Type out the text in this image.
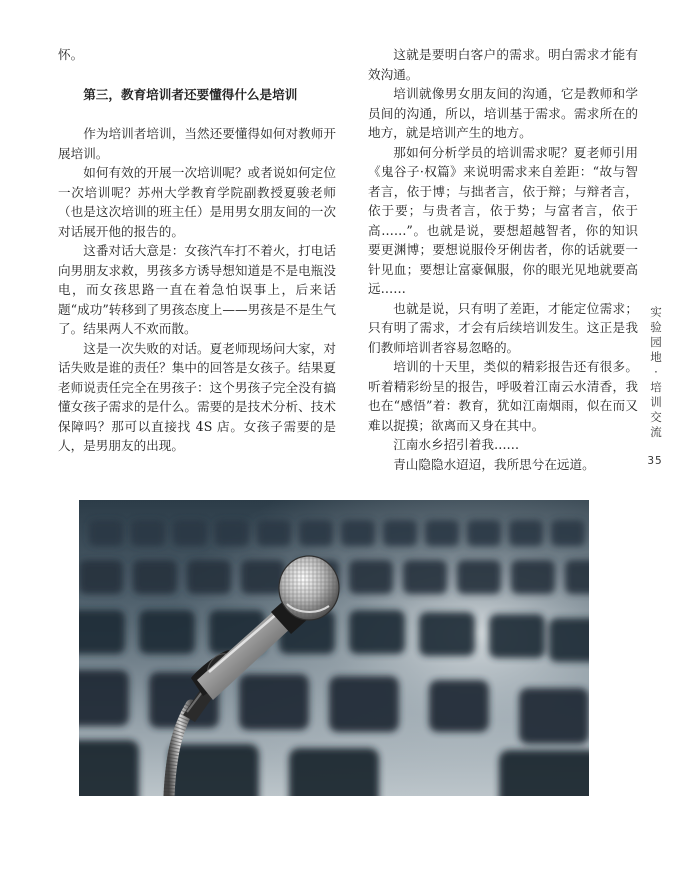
怀。

第三，教育培训者还要懂得什么是培训

作为培训者培训，当然还要懂得如何对教师开展培训。

如何有效的开展一次培训呢？或者说如何定位一次培训呢？苏州大学教育学院副教授夏骏老师（也是这次培训的班主任）是用男女朋友间的一次对话展开他的报告的。

这番对话大意是：女孩汽车打不着火，打电话向男朋友求救，男孩多方诱导想知道是不是电瓶没电，而女孩思路一直在着急怕误事上，后来话题“成功”转移到了男孩态度上——男孩是不是生气了。结果两人不欢而散。

这是一次失败的对话。夏老师现场问大家，对话失败是谁的责任？集中的回答是女孩子。结果夏老师说责任完全在男孩子：这个男孩子完全没有搞懂女孩子需求的是什么。需要的是技术分析、技术保障吗？那可以直接找 4S 店。女孩子需要的是人，是男朋友的出现。

这就是要明白客户的需求。明白需求才能有效沟通。

培训就像男女朋友间的沟通，它是教师和学员间的沟通，所以，培训基于需求。需求所在的地方，就是培训产生的地方。

那如何分析学员的培训需求呢？夏老师引用《鬼谷子·权篇》来说明需求来自差距：“故与智者言，依于博；与拙者言，依于辩；与辩者言，依于要；与贵者言，依于势；与富者言，依于高……”。也就是说，要想超越智者，你的知识要更渊博；要想说服伶牙俐齿者，你的话就要一针见血；要想让富豪佩服，你的眼光见地就要高远……

也就是说，只有明了差距，才能定位需求；只有明了需求，才会有后续培训发生。这正是我们教师培训者容易忽略的。

培训的十天里，类似的精彩报告还有很多。听着精彩纷呈的报告，呼吸着江南云水清香，我也在“感悟”着：教育，犹如江南烟雨，似在而又难以捉摸；欲离而又身在其中。

江南水乡招引着我……

青山隐隐水迢迢，我所思兮在远道。

实验园地
·
培训交流
35
